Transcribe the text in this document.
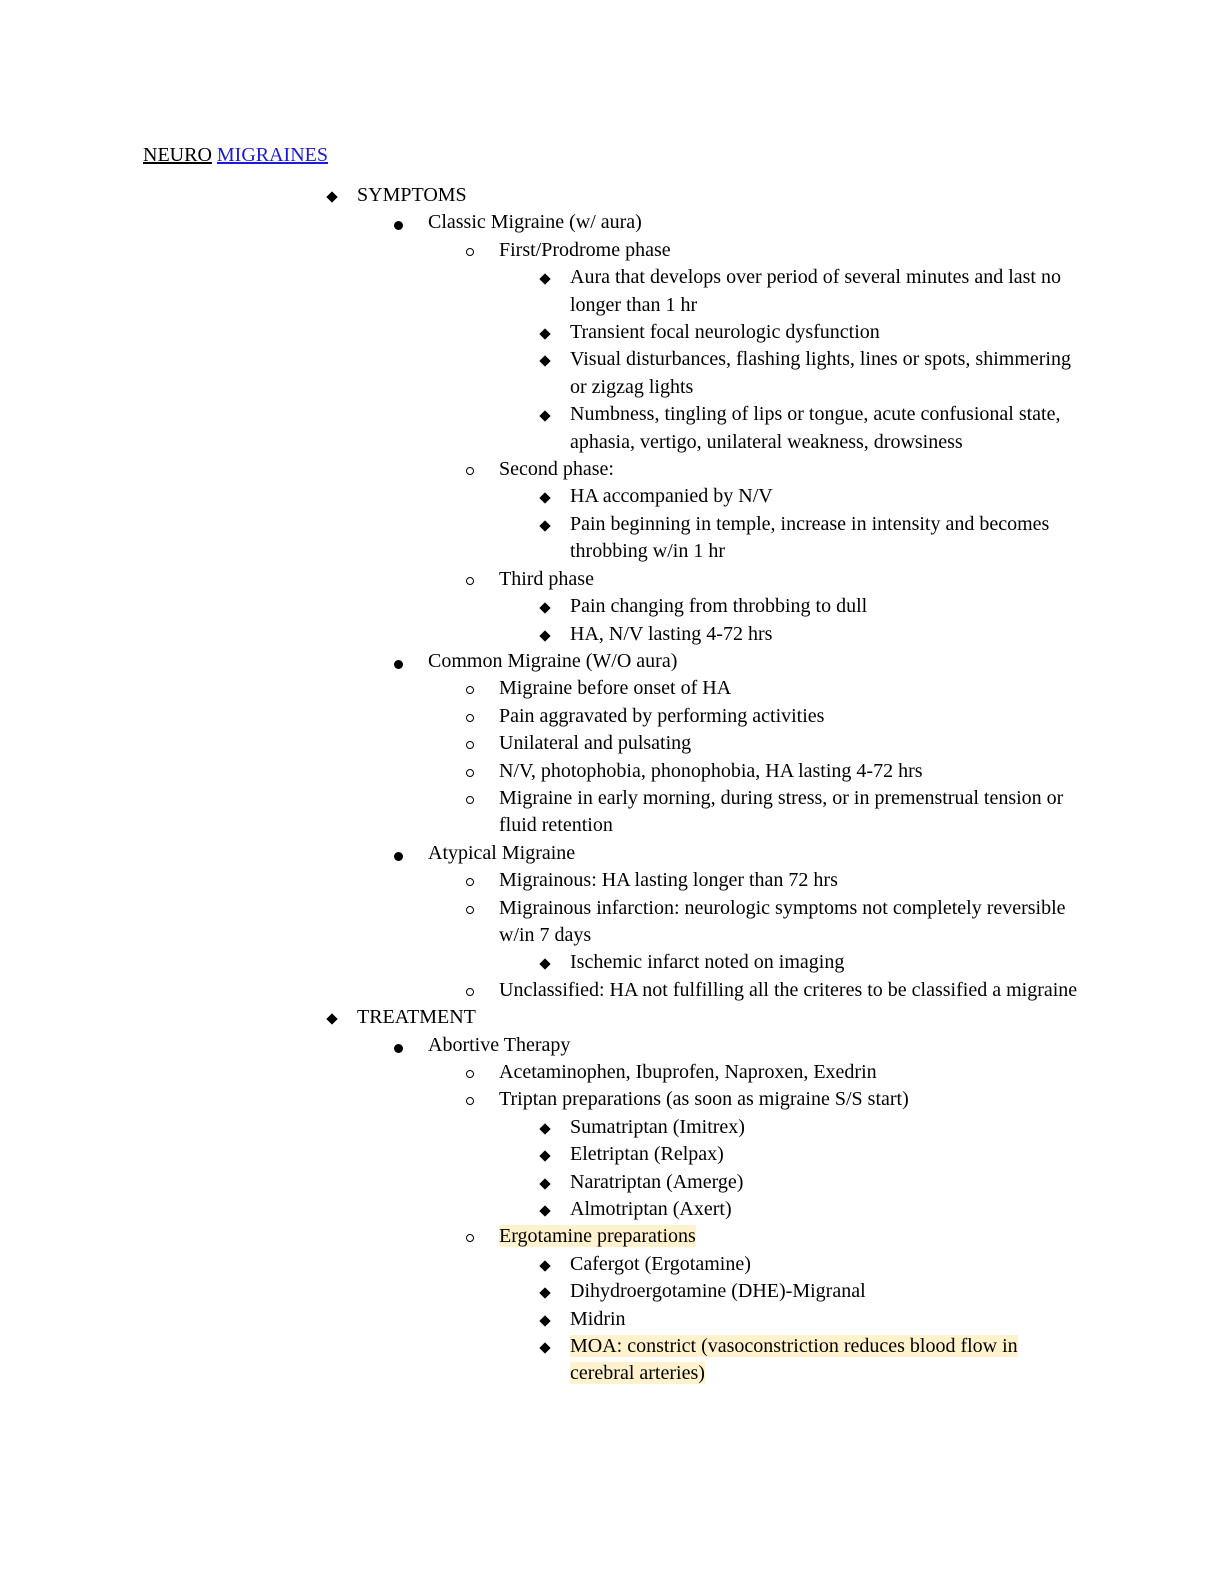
NEURO MIGRAINES
SYMPTOMS
Classic Migraine (w/ aura)
First/Prodrome phase
Aura that develops over period of several minutes and last no longer than 1 hr
Transient focal neurologic dysfunction
Visual disturbances, flashing lights, lines or spots, shimmering or zigzag lights
Numbness, tingling of lips or tongue, acute confusional state, aphasia, vertigo, unilateral weakness, drowsiness
Second phase:
HA accompanied by N/V
Pain beginning in temple, increase in intensity and becomes throbbing w/in 1 hr
Third phase
Pain changing from throbbing to dull
HA, N/V lasting 4-72 hrs
Common Migraine (W/O aura)
Migraine before onset of HA
Pain aggravated by performing activities
Unilateral and pulsating
N/V, photophobia, phonophobia, HA lasting 4-72 hrs
Migraine in early morning, during stress, or in premenstrual tension or fluid retention
Atypical Migraine
Migrainous: HA lasting longer than 72 hrs
Migrainous infarction: neurologic symptoms not completely reversible w/in 7 days
Ischemic infarct noted on imaging
Unclassified: HA not fulfilling all the criteres to be classified a migraine
TREATMENT
Abortive Therapy
Acetaminophen, Ibuprofen, Naproxen, Exedrin
Triptan preparations (as soon as migraine S/S start)
Sumatriptan (Imitrex)
Eletriptan (Relpax)
Naratriptan (Amerge)
Almotriptan (Axert)
Ergotamine preparations
Cafergot (Ergotamine)
Dihydroergotamine (DHE)-Migranal
Midrin
MOA: constrict (vasoconstriction reduces blood flow in cerebral arteries)
